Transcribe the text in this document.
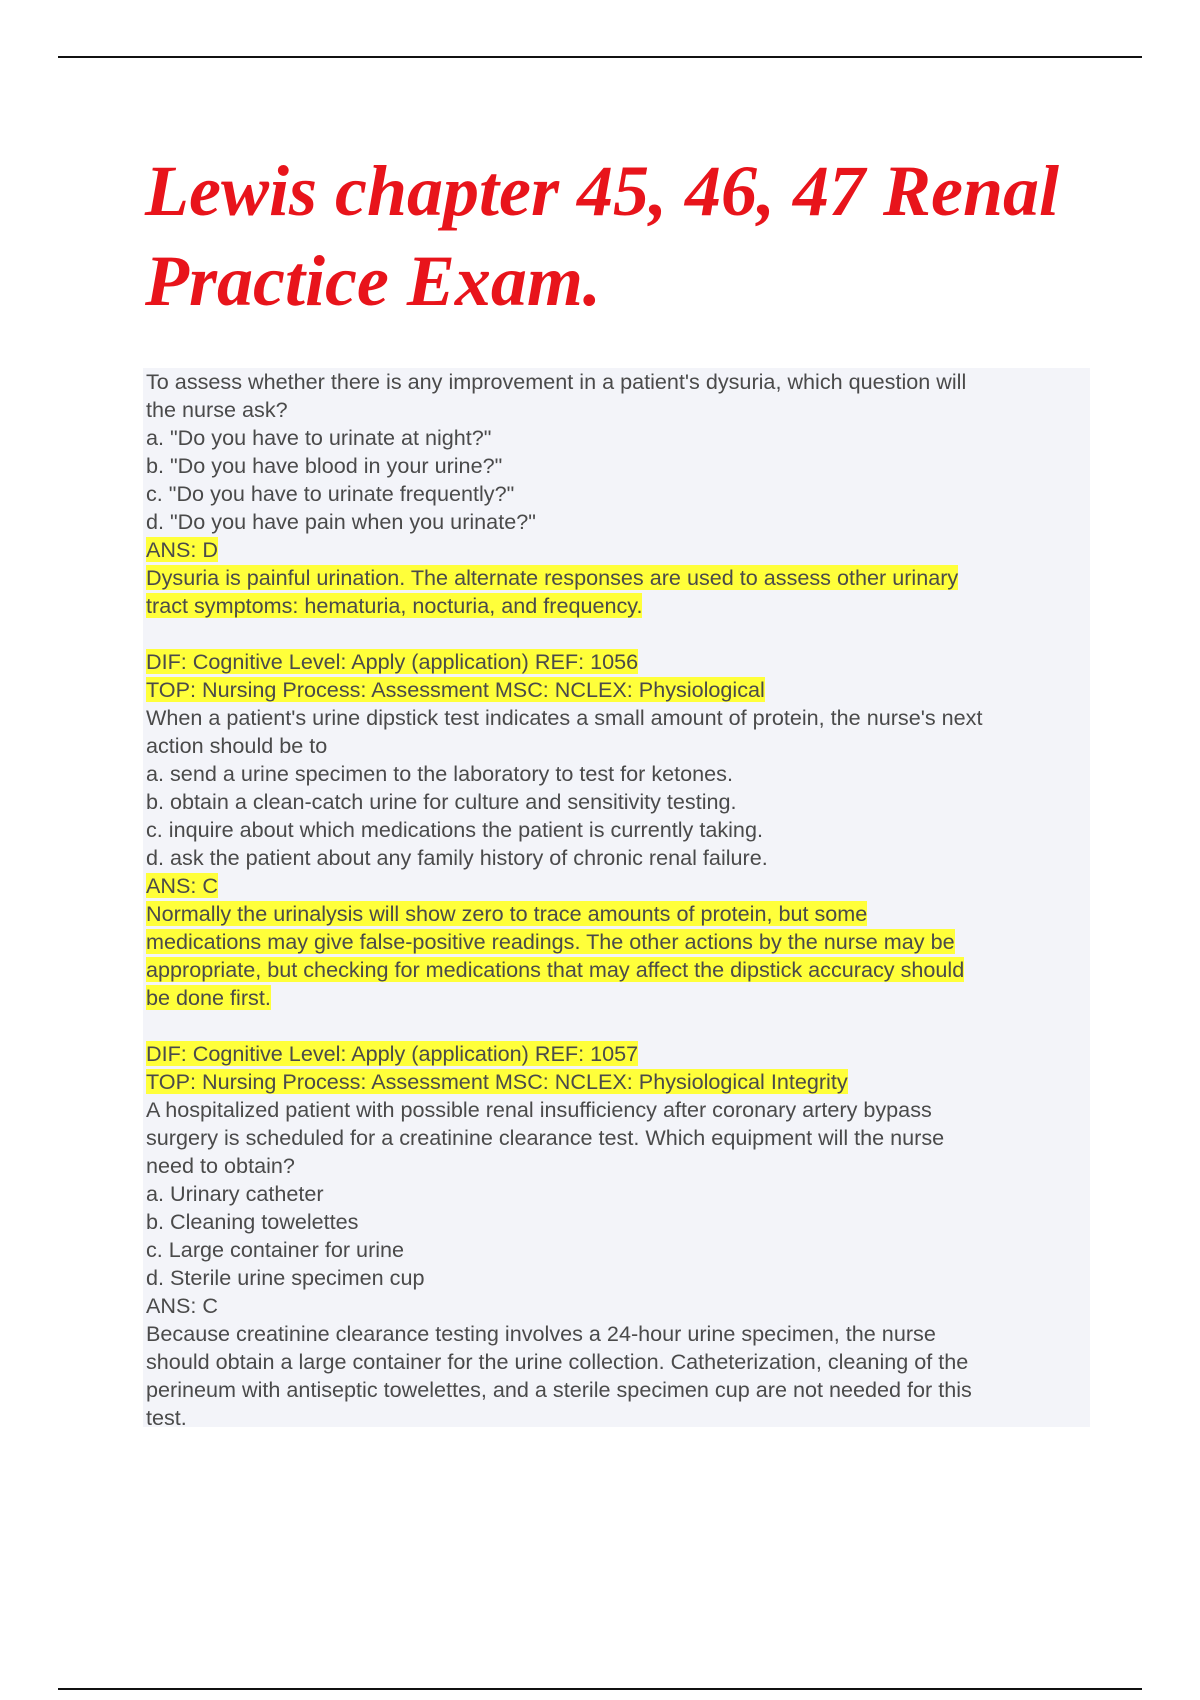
Lewis chapter 45, 46, 47 Renal
Practice Exam.
To assess whether there is any improvement in a patient's dysuria, which question will
the nurse ask?
a. "Do you have to urinate at night?"
b. "Do you have blood in your urine?"
c. "Do you have to urinate frequently?"
d. "Do you have pain when you urinate?"
ANS: D
Dysuria is painful urination. The alternate responses are used to assess other urinary
tract symptoms: hematuria, nocturia, and frequency.
DIF: Cognitive Level: Apply (application) REF: 1056
TOP: Nursing Process: Assessment MSC: NCLEX: Physiological
When a patient's urine dipstick test indicates a small amount of protein, the nurse's next
action should be to
a. send a urine specimen to the laboratory to test for ketones.
b. obtain a clean-catch urine for culture and sensitivity testing.
c. inquire about which medications the patient is currently taking.
d. ask the patient about any family history of chronic renal failure.
ANS: C
Normally the urinalysis will show zero to trace amounts of protein, but some
medications may give false-positive readings. The other actions by the nurse may be
appropriate, but checking for medications that may affect the dipstick accuracy should
be done first.
DIF: Cognitive Level: Apply (application) REF: 1057
TOP: Nursing Process: Assessment MSC: NCLEX: Physiological Integrity
A hospitalized patient with possible renal insufficiency after coronary artery bypass
surgery is scheduled for a creatinine clearance test. Which equipment will the nurse
need to obtain?
a. Urinary catheter
b. Cleaning towelettes
c. Large container for urine
d. Sterile urine specimen cup
ANS: C
Because creatinine clearance testing involves a 24-hour urine specimen, the nurse
should obtain a large container for the urine collection. Catheterization, cleaning of the
perineum with antiseptic towelettes, and a sterile specimen cup are not needed for this
test.
